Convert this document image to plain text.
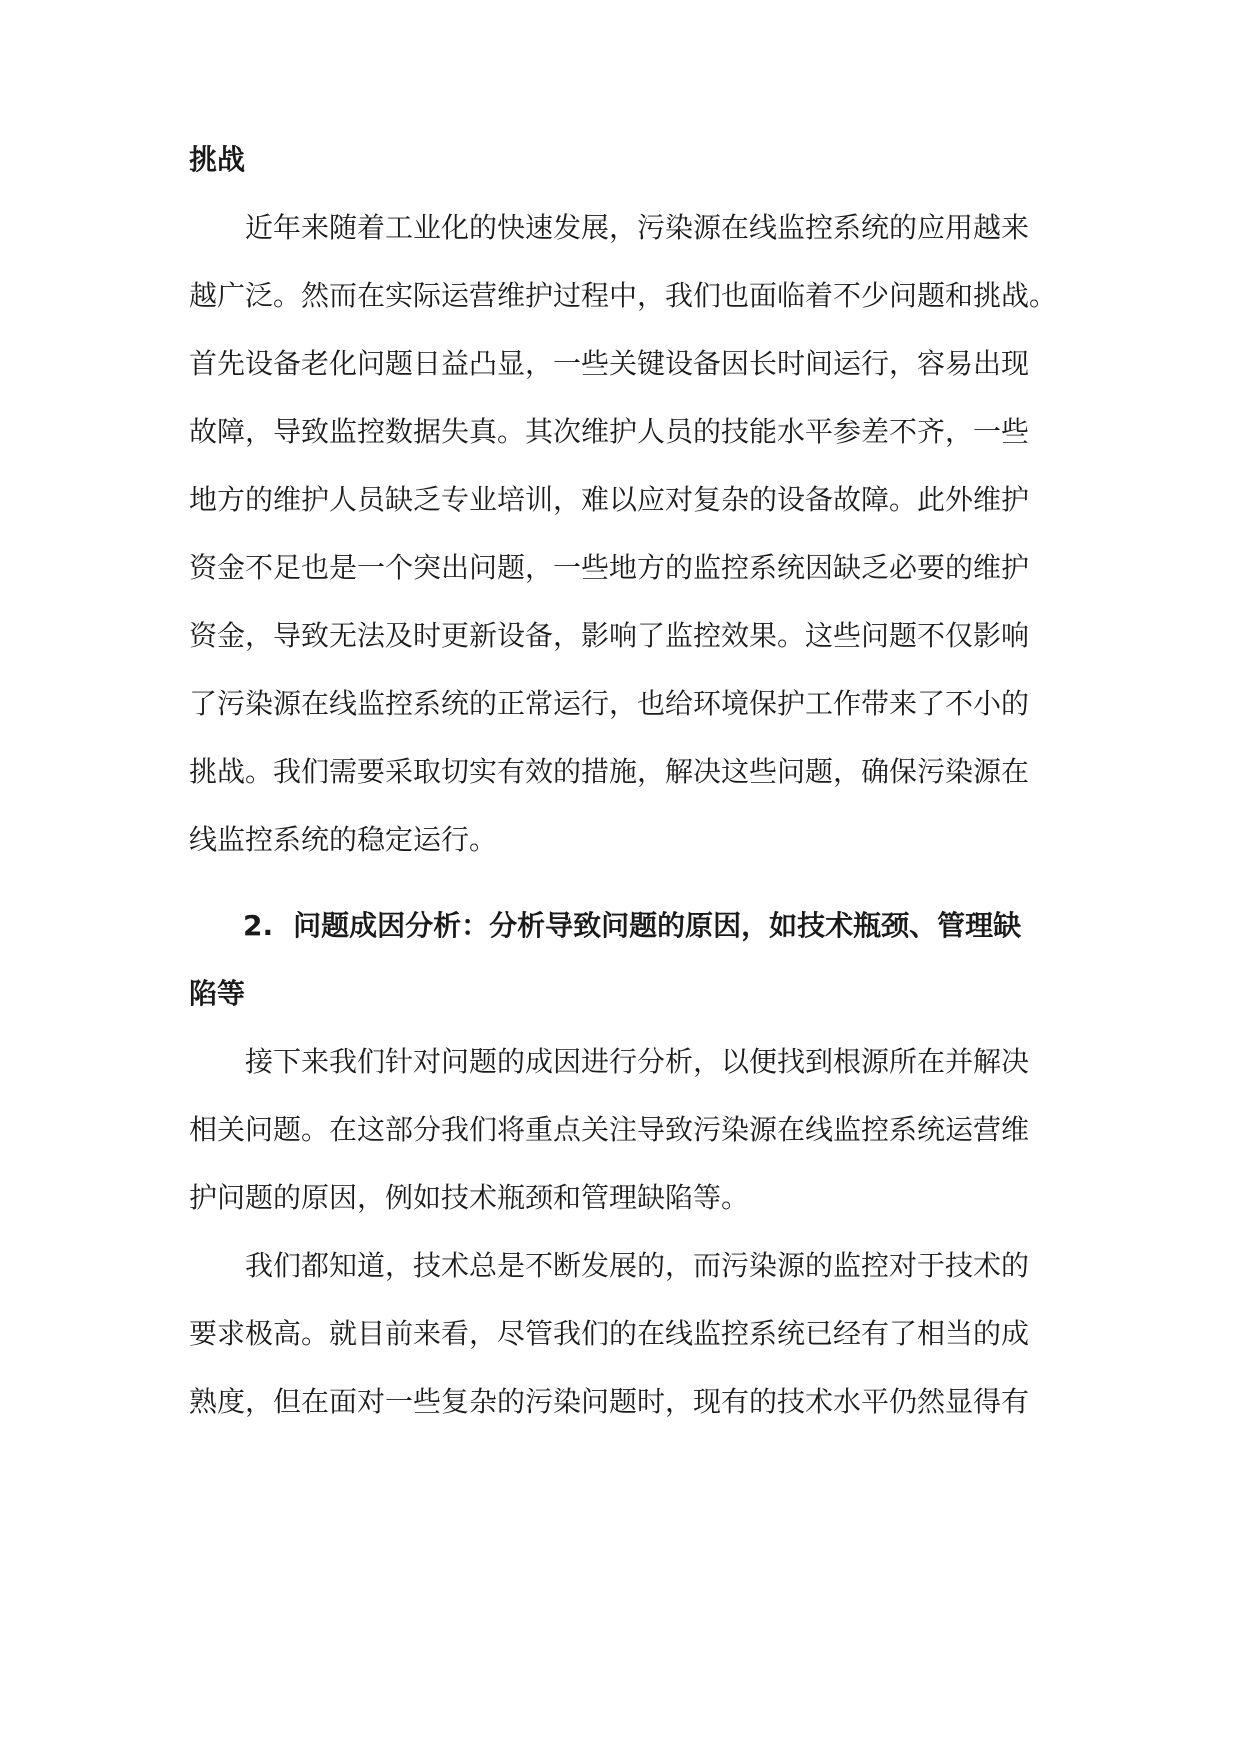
挑战
近年来随着工业化的快速发展，污染源在线监控系统的应用越来
越广泛。然而在实际运营维护过程中，我们也面临着不少问题和挑战。
首先设备老化问题日益凸显，一些关键设备因长时间运行，容易出现
故障，导致监控数据失真。其次维护人员的技能水平参差不齐，一些
地方的维护人员缺乏专业培训，难以应对复杂的设备故障。此外维护
资金不足也是一个突出问题，一些地方的监控系统因缺乏必要的维护
资金，导致无法及时更新设备，影响了监控效果。这些问题不仅影响
了污染源在线监控系统的正常运行，也给环境保护工作带来了不小的
挑战。我们需要采取切实有效的措施，解决这些问题，确保污染源在
线监控系统的稳定运行。
2. 问题成因分析：分析导致问题的原因，如技术瓶颈、管理缺
陷等
接下来我们针对问题的成因进行分析，以便找到根源所在并解决
相关问题。在这部分我们将重点关注导致污染源在线监控系统运营维
护问题的原因，例如技术瓶颈和管理缺陷等。
我们都知道，技术总是不断发展的，而污染源的监控对于技术的
要求极高。就目前来看，尽管我们的在线监控系统已经有了相当的成
熟度，但在面对一些复杂的污染问题时，现有的技术水平仍然显得有
